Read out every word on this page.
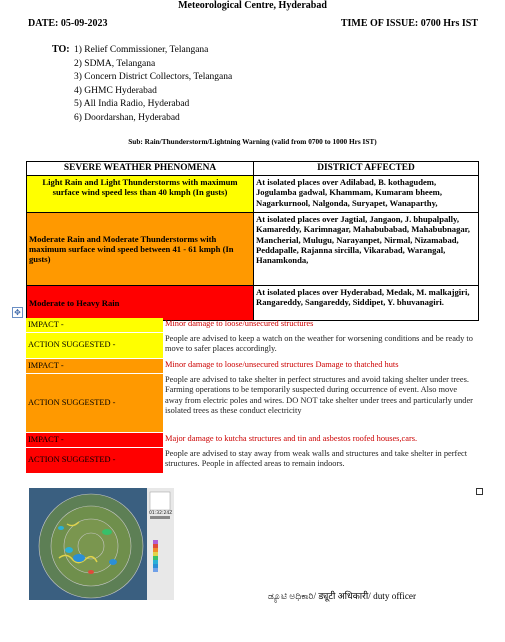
Meteorological Centre, Hyderabad
DATE: 05-09-2023	TIME OF ISSUE: 0700 Hrs IST
TO: 1) Relief Commissioner, Telangana
2) SDMA, Telangana
3) Concern District Collectors, Telangana
4) GHMC Hyderabad
5) All India Radio, Hyderabad
6) Doordarshan, Hyderabad
Sub: Rain/Thunderstorm/Lightning Warning (valid from 0700 to 1000 Hrs IST)
SEVERE WEATHER PHENOMENA	DISTRICT AFFECTED
Light Rain and Light Thunderstorms with maximum surface wind speed less than 40 kmph (In gusts)	At isolated places over Adilabad, B. kothagudem, Jogulamba gadwal, Khammam, Kumaram bheem, Nagarkurnool, Nalgonda, Suryapet, Wanaparthy,
Moderate Rain and Moderate Thunderstorms with maximum surface wind speed between 41 - 61 kmph (In gusts)	At isolated places over Jagtial, Jangaon, J. bhupalpally, Kamareddy, Karimnagar, Mahabubabad, Mahabubnagar, Mancherial, Mulugu, Narayanpet, Nirmal, Nizamabad, Peddapalle, Rajanna sircilla, Vikarabad, Warangal, Hanamkonda,
Moderate to Heavy Rain	At isolated places over Hyderabad, Medak, M. malkajgiri, Rangareddy, Sangareddy, Siddipet, Y. bhuvanagiri.
✥
IMPACT -	Minor damage to loose/unsecured structures
ACTION SUGGESTED -	People are advised to keep a watch on the weather for worsening conditions and be ready to move to safer places accordingly.
IMPACT -	Minor damage to loose/unsecured structures Damage to thatched huts
ACTION SUGGESTED -	People are advised to take shelter in perfect structures and avoid taking shelter under trees. Farming operations to be temporarily suspected during occurrence of event. Also move away from electric poles and wires. DO NOT take shelter under trees and particularly under isolated trees as these conduct electricity
IMPACT -	Major damage to kutcha structures and tin and asbestos roofed houses,cars.
ACTION SUGGESTED -	People are advised to stay away from weak walls and structures and take shelter in perfect structures. People in affected areas to remain indoors.
01:32:24Z
ಡ್ಯೂಟಿ ಅಧಿಕಾರಿ/ ड्यूटी अधिकारी/ duty officer
